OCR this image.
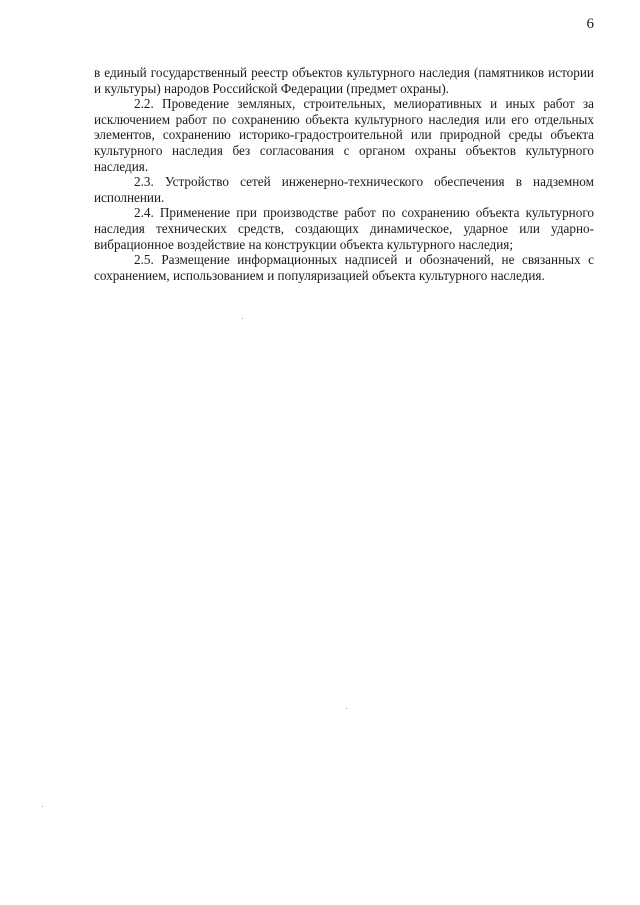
6

в единый государственный реестр объектов культурного наследия (памятников истории и культуры) народов Российской Федерации (предмет охраны).

2.2. Проведение земляных, строительных, мелиоративных и иных работ за исключением работ по сохранению объекта культурного наследия или его отдельных элементов, сохранению историко-градостроительной или природной среды объекта культурного наследия без согласования с органом охраны объектов культурного наследия.

2.3. Устройство сетей инженерно-технического обеспечения в надземном исполнении.

2.4. Применение при производстве работ по сохранению объекта культурного наследия технических средств, создающих динамическое, ударное или ударно-вибрационное воздействие на конструкции объекта культурного наследия;

2.5. Размещение информационных надписей и обозначений, не связанных с сохранением, использованием и популяризацией объекта культурного наследия.
